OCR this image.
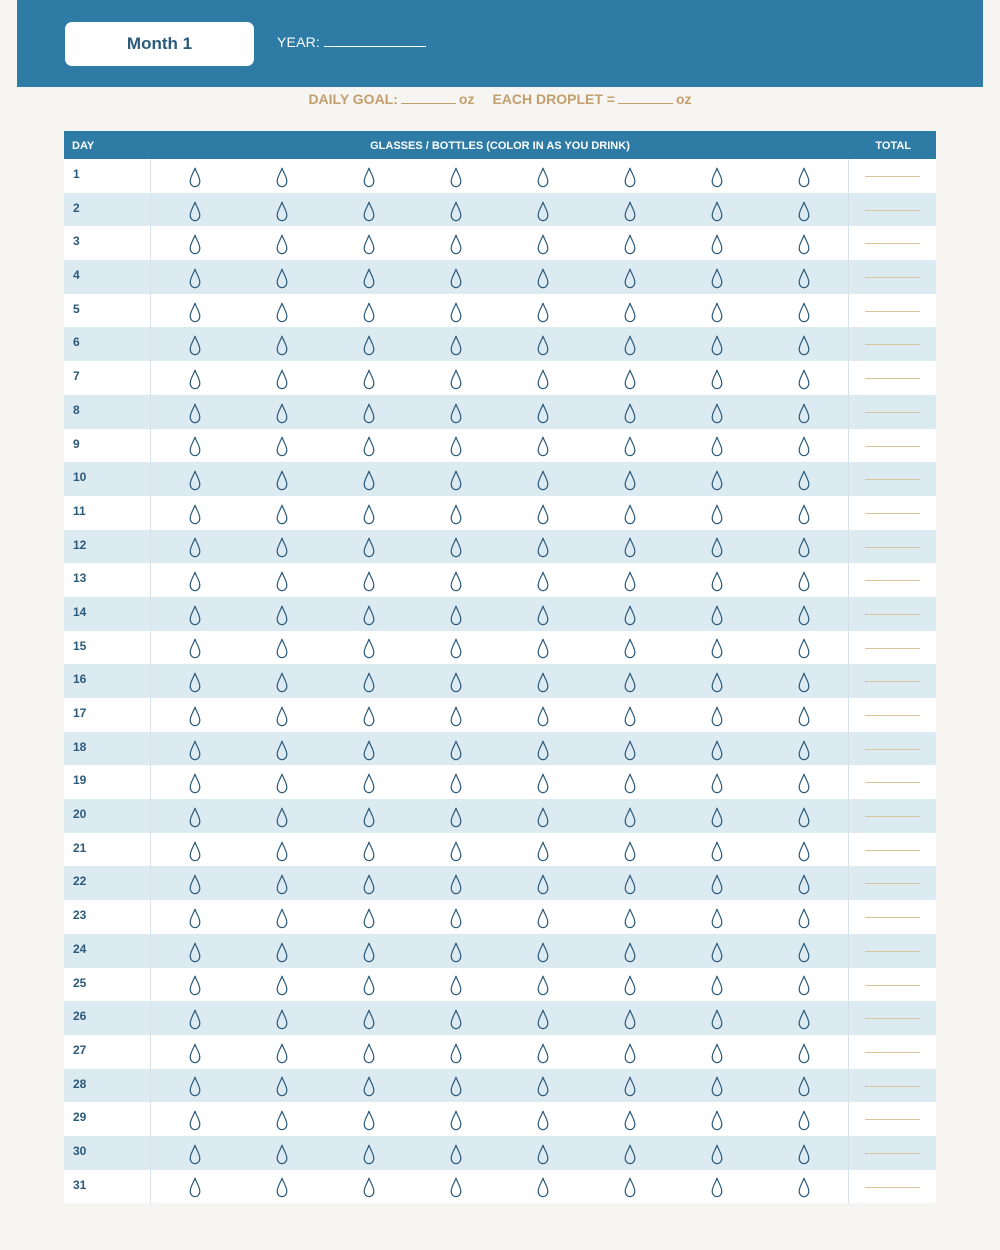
Month 1	YEAR:
DAILY GOAL:	oz EACH DROPLET =	oz
DAY	GLASSES / BOTTLES (COLOR IN AS YOU DRINK)	TOTAL
1
2
3
4
5
6
7
8
9
10
11
12
13
14
15
16
17
18
19
20
21
22
23
24
25
26
27
28
29
30
31
